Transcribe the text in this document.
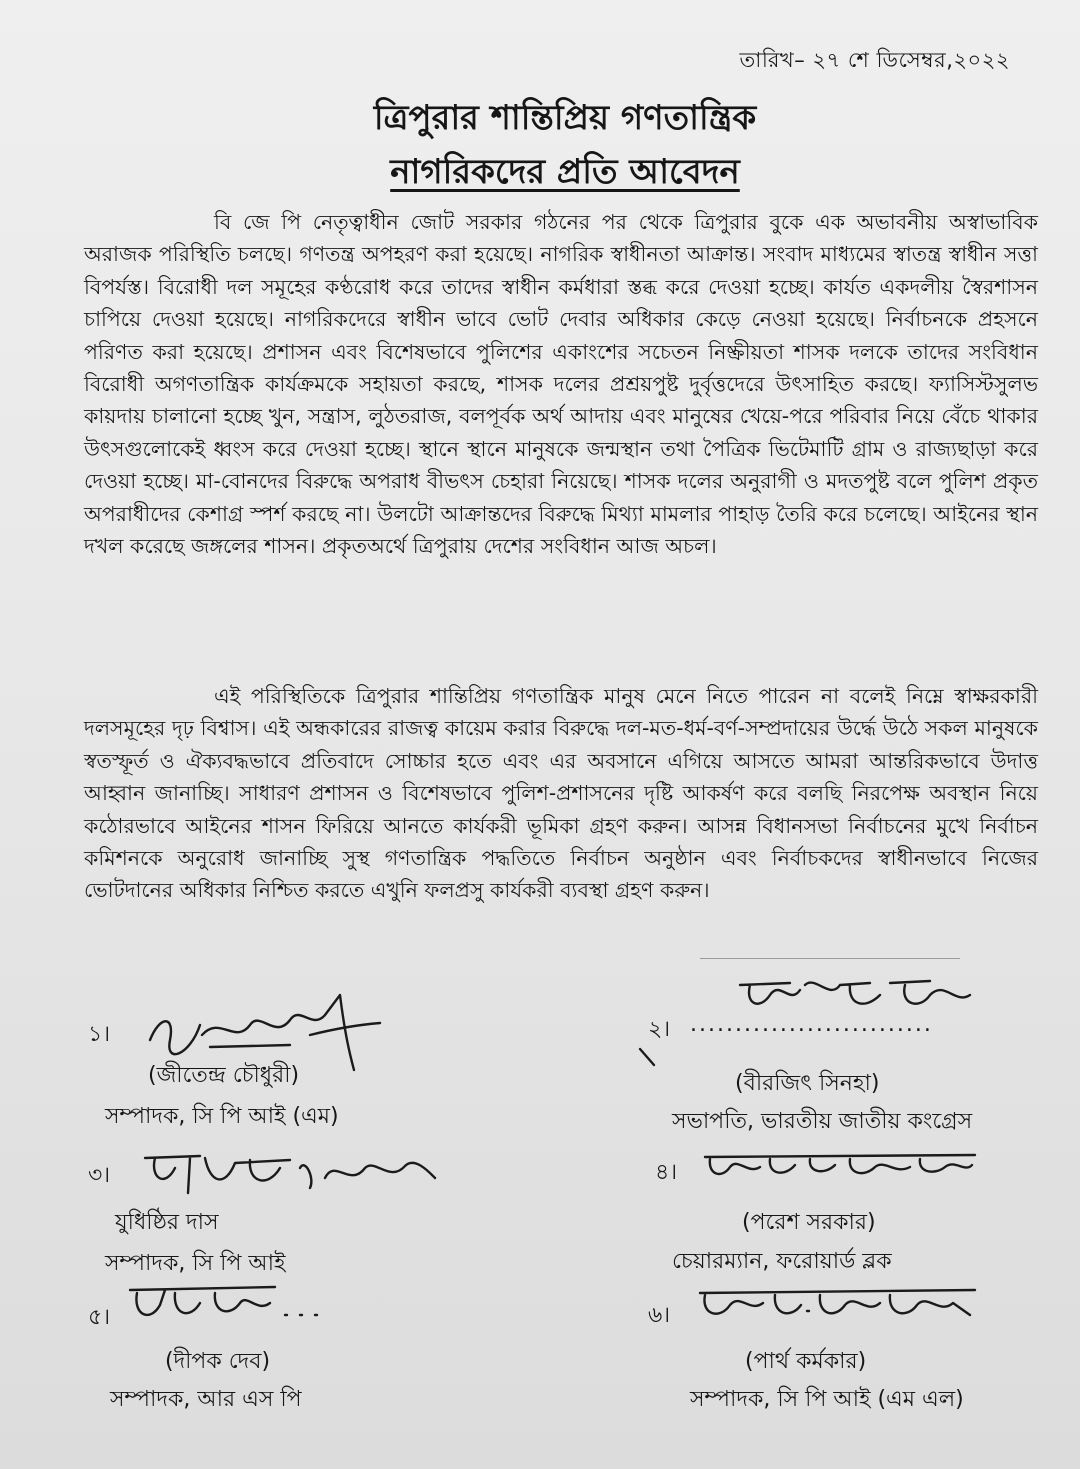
তারিখ– ২৭ শে ডিসেম্বর,২০২২
ত্রিপুরার শান্তিপ্রিয় গণতান্ত্রিক
নাগরিকদের প্রতি আবেদন
বি জে পি নেতৃত্বাধীন জোট সরকার গঠনের পর থেকে ত্রিপুরার বুকে এক অভাবনীয় অস্বাভাবিক অরাজক পরিস্থিতি চলছে। গণতন্ত্র অপহরণ করা হয়েছে। নাগরিক স্বাধীনতা আক্রান্ত। সংবাদ মাধ্যমের স্বাতন্ত্র স্বাধীন সত্তা বিপর্যস্ত। বিরোধী দল সমূহের কণ্ঠরোধ করে তাদের স্বাধীন কর্মধারা স্তব্ধ করে দেওয়া হচ্ছে। কার্যত একদলীয় স্বৈরশাসন চাপিয়ে দেওয়া হয়েছে। নাগরিকদেরে স্বাধীন ভাবে ভোট দেবার অধিকার কেড়ে নেওয়া হয়েছে। নির্বাচনকে প্রহসনে পরিণত করা হয়েছে। প্রশাসন এবং বিশেষভাবে পুলিশের একাংশের সচেতন নিষ্ক্রীয়তা শাসক দলকে তাদের সংবিধান বিরোধী অগণতান্ত্রিক কার্যক্রমকে সহায়তা করছে, শাসক দলের প্রশ্রয়পুষ্ট দুর্বৃত্তদেরে উৎসাহিত করছে। ফ্যাসিস্টসুলভ কায়দায় চালানো হচ্ছে খুন, সন্ত্রাস, লুঠতরাজ, বলপূর্বক অর্থ আদায় এবং মানুষের খেয়ে-পরে পরিবার নিয়ে বেঁচে থাকার উৎসগুলোকেই ধ্বংস করে দেওয়া হচ্ছে। স্থানে স্থানে মানুষকে জন্মস্থান তথা পৈত্রিক ভিটেমাটি গ্রাম ও রাজ্যছাড়া করে দেওয়া হচ্ছে। মা-বোনদের বিরুদ্ধে অপরাধ বীভৎস চেহারা নিয়েছে। শাসক দলের অনুরাগী ও মদতপুষ্ট বলে পুলিশ প্রকৃত অপরাধীদের কেশাগ্র স্পর্শ করছে না। উলটো আক্রান্তদের বিরুদ্ধে মিথ্যা মামলার পাহাড় তৈরি করে চলেছে। আইনের স্থান দখল করেছে জঙ্গলের শাসন। প্রকৃতঅর্থে ত্রিপুরায় দেশের সংবিধান আজ অচল।
এই পরিস্থিতিকে ত্রিপুরার শান্তিপ্রিয় গণতান্ত্রিক মানুষ মেনে নিতে পারেন না বলেই নিম্নে স্বাক্ষরকারী দলসমূহের দৃঢ় বিশ্বাস। এই অন্ধকারের রাজত্ব কায়েম করার বিরুদ্ধে দল-মত-ধর্ম-বর্ণ-সম্প্রদায়ের উর্দ্ধে উঠে সকল মানুষকে স্বতস্ফূর্ত ও ঐক্যবদ্ধভাবে প্রতিবাদে সোচ্চার হতে এবং এর অবসানে এগিয়ে আসতে আমরা আন্তরিকভাবে উদাত্ত আহ্বান জানাচ্ছি। সাধারণ প্রশাসন ও বিশেষভাবে পুলিশ-প্রশাসনের দৃষ্টি আকর্ষণ করে বলছি নিরপেক্ষ অবস্থান নিয়ে কঠোরভাবে আইনের শাসন ফিরিয়ে আনতে কার্যকরী ভূমিকা গ্রহণ করুন। আসন্ন বিধানসভা নির্বাচনের মুখে নির্বাচন কমিশনকে অনুরোধ জানাচ্ছি সুস্থ গণতান্ত্রিক পদ্ধতিতে নির্বাচন অনুষ্ঠান এবং নির্বাচকদের স্বাধীনভাবে নিজের ভোটদানের অধিকার নিশ্চিত করতে এখুনি ফলপ্রসু কার্যকরী ব্যবস্থা গ্রহণ করুন।
১।
(জীতেন্দ্র চৌধুরী)
সম্পাদক, সি পি আই (এম)
২। ...........................
(বীরজিৎ সিনহা)
সভাপতি, ভারতীয় জাতীয় কংগ্রেস
৩।
যুধিষ্ঠির দাস
সম্পাদক, সি পি আই
৪।
(পরেশ সরকার)
চেয়ারম্যান, ফরোয়ার্ড ব্লক
৫।
(দীপক দেব)
সম্পাদক, আর এস পি
৬।
(পার্থ কর্মকার)
সম্পাদক, সি পি আই (এম এল)
